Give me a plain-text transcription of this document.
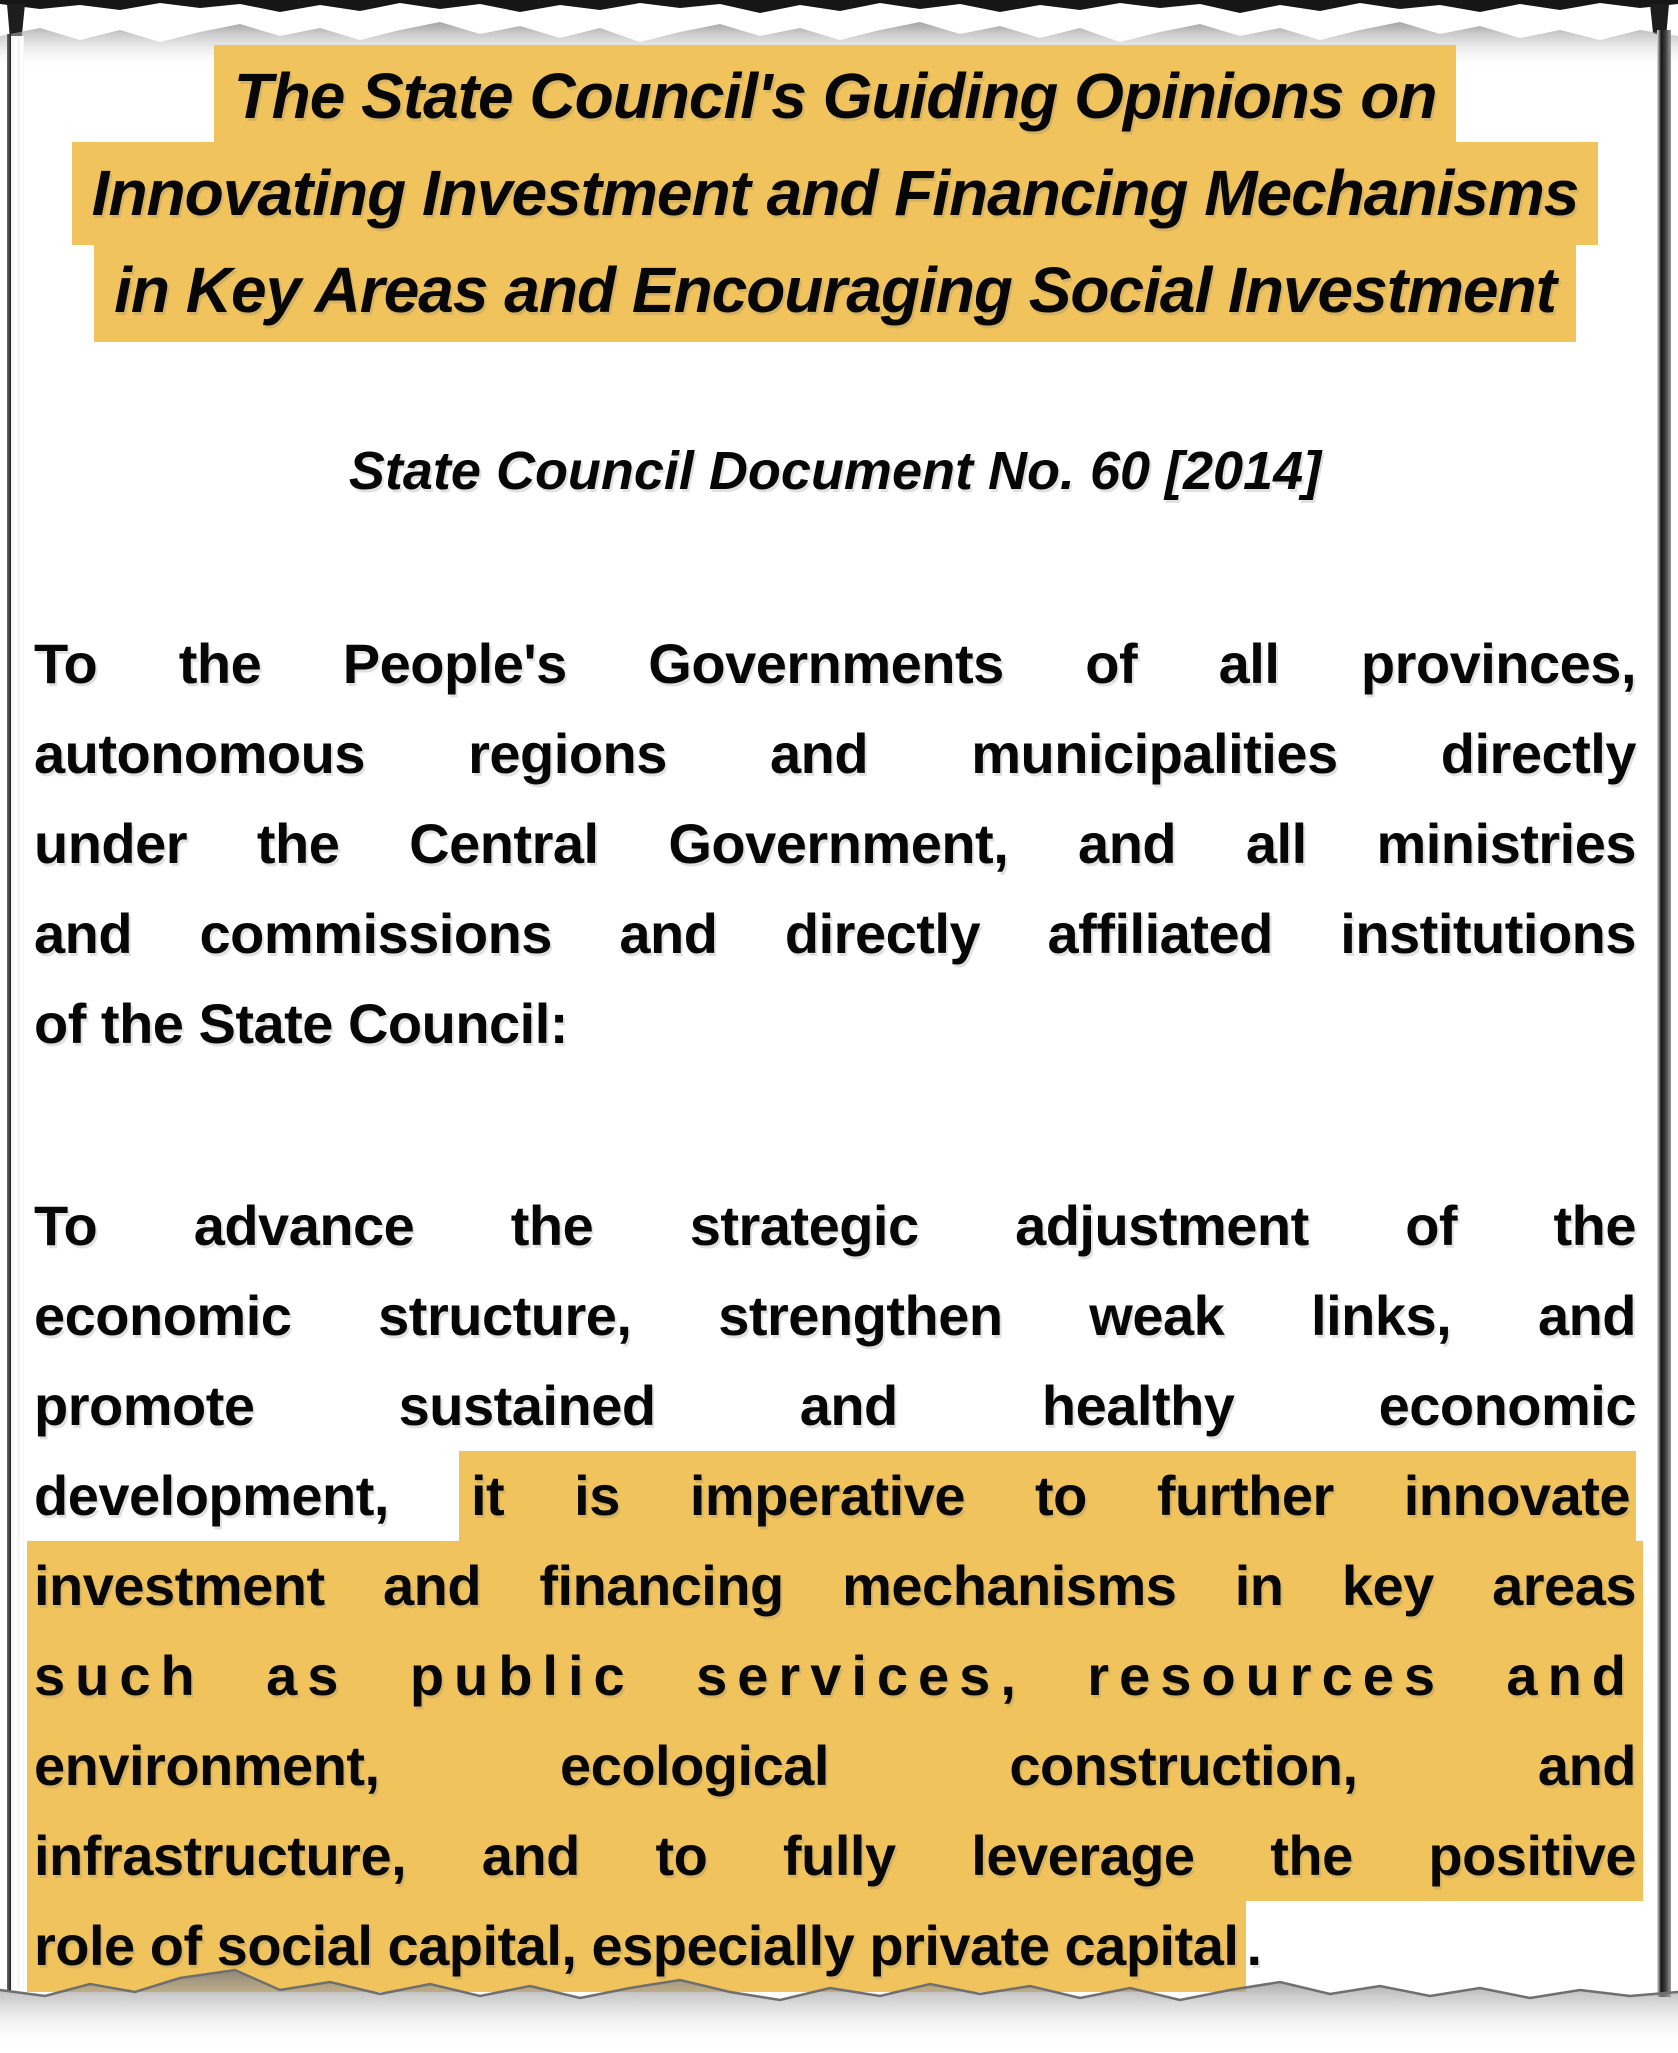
The State Council's Guiding Opinions on
Innovating Investment and Financing Mechanisms
in Key Areas and Encouraging Social Investment

State Council Document No. 60 [2014]

To the People's Governments of all provinces,
autonomous regions and municipalities directly
under the Central Government, and all ministries
and commissions and directly affiliated institutions
of the State Council:
To advance the strategic adjustment of the
economic structure, strengthen weak links, and
promote sustained and healthy economic
development, it is imperative to further innovate
investment and financing mechanisms in key areas
such as public services, resources and
environment, ecological construction, and
infrastructure, and to fully leverage the positive
role of social capital, especially private capital .
